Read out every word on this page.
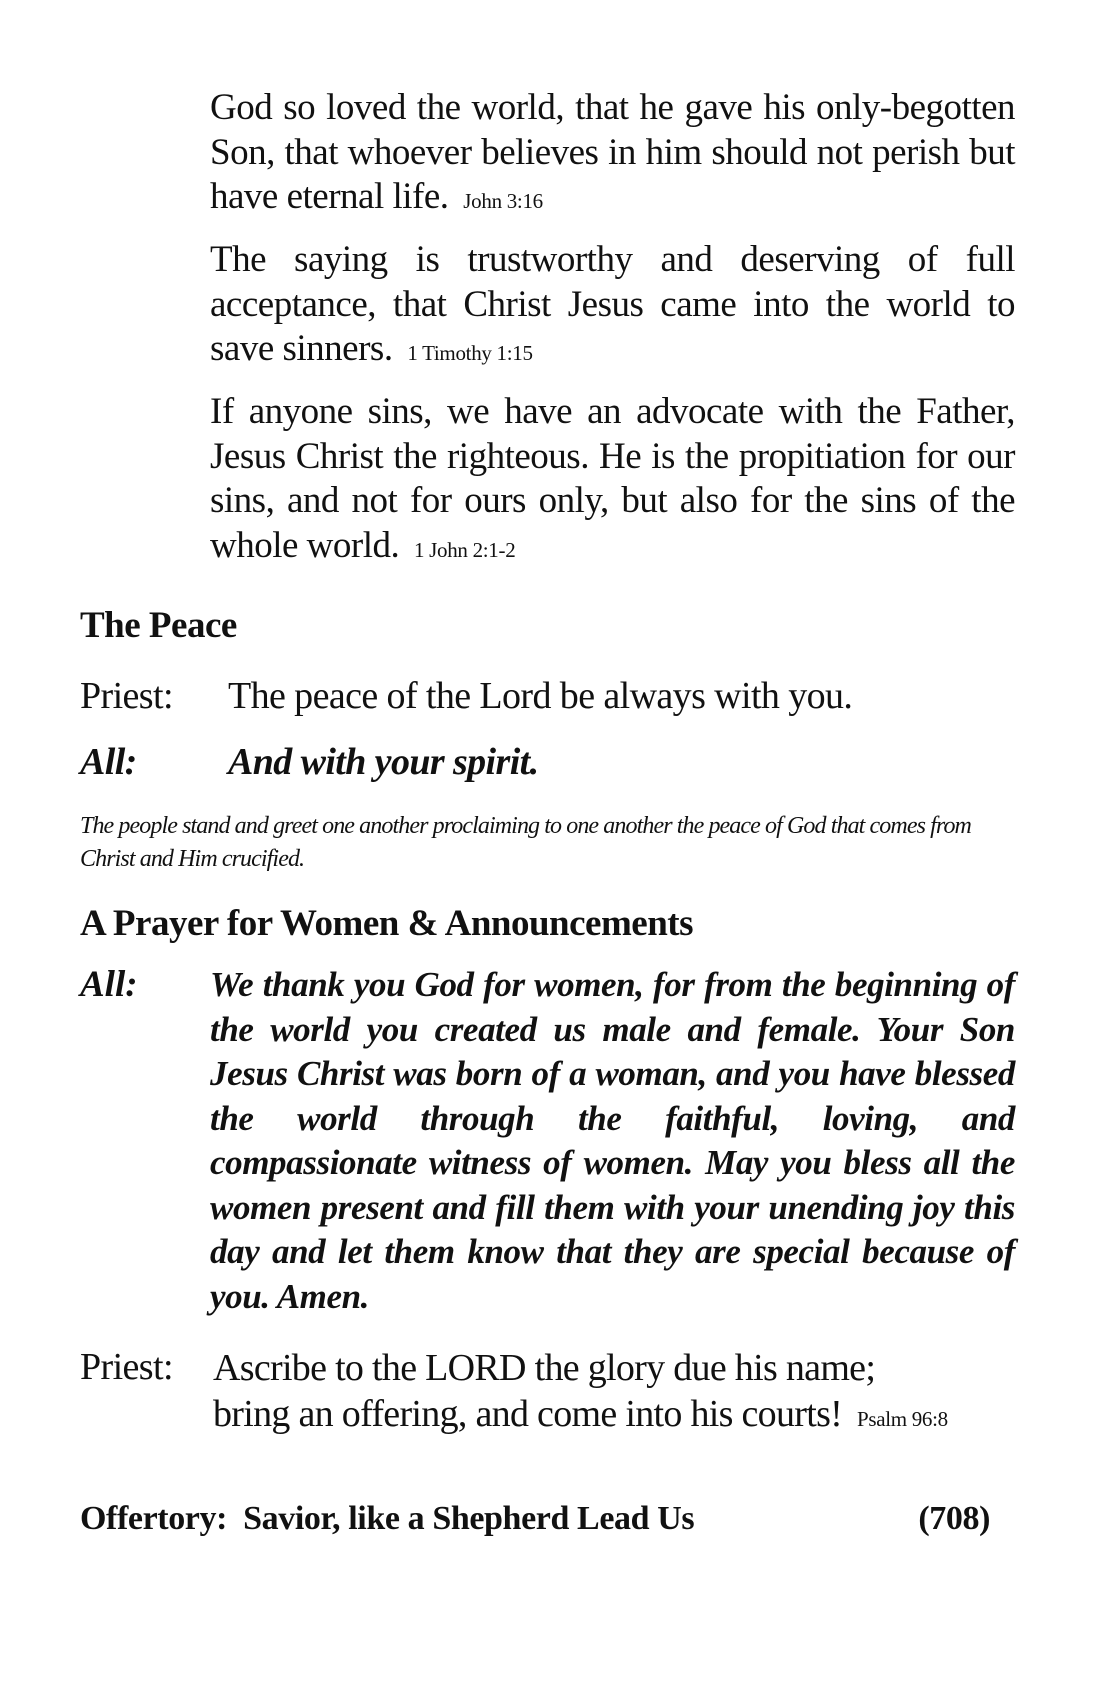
God so loved the world, that he gave his only-begotten Son, that whoever believes in him should not perish but have eternal life. John 3:16
The saying is trustworthy and deserving of full acceptance, that Christ Jesus came into the world to save sinners. 1 Timothy 1:15
If anyone sins, we have an advocate with the Father, Jesus Christ the righteous. He is the propitiation for our sins, and not for ours only, but also for the sins of the whole world. 1 John 2:1-2
The Peace
Priest: The peace of the Lord be always with you.
All: And with your spirit.
The people stand and greet one another proclaiming to one another the peace of God that comes from Christ and Him crucified.
A Prayer for Women & Announcements
All: We thank you God for women, for from the beginning of the world you created us male and female. Your Son Jesus Christ was born of a woman, and you have blessed the world through the faithful, loving, and compassionate witness of women. May you bless all the women present and fill them with your unending joy this day and let them know that they are special because of you. Amen.
Priest: Ascribe to the LORD the glory due his name;
bring an offering, and come into his courts! Psalm 96:8
Offertory: Savior, like a Shepherd Lead Us	(708)
